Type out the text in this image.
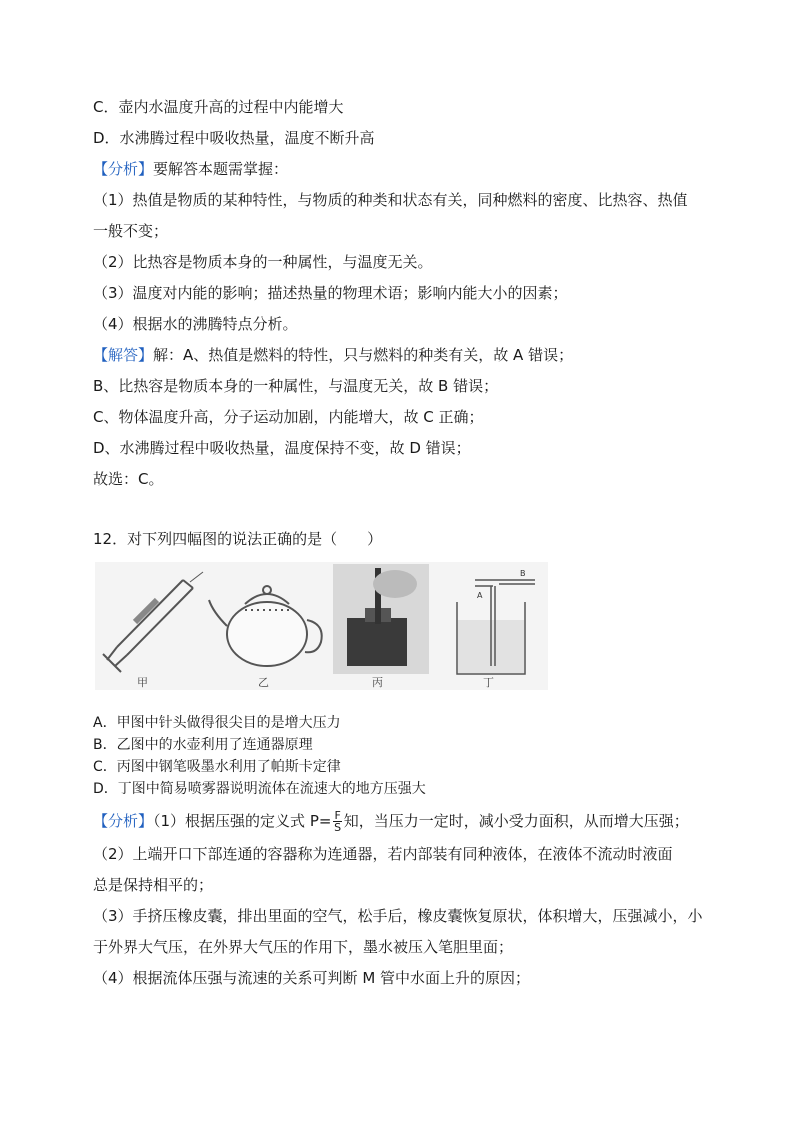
C．壶内水温度升高的过程中内能增大
D．水沸腾过程中吸收热量，温度不断升高
【分析】要解答本题需掌握：
（1）热值是物质的某种特性，与物质的种类和状态有关，同种燃料的密度、比热容、热值
一般不变；
（2）比热容是物质本身的一种属性，与温度无关。
（3）温度对内能的影响；描述热量的物理术语；影响内能大小的因素；
（4）根据水的沸腾特点分析。
【解答】解：A、热值是燃料的特性，只与燃料的种类有关，故 A 错误；
B、比热容是物质本身的一种属性，与温度无关，故 B 错误；
C、物体温度升高，分子运动加剧，内能增大，故 C 正确；
D、水沸腾过程中吸收热量，温度保持不变，故 D 错误；
故选：C。
12．对下列四幅图的说法正确的是（　　）
B
A
甲	乙	丙	丁
A．甲图中针头做得很尖目的是增大压力
B．乙图中的水壶利用了连通器原理
C．丙图中钢笔吸墨水利用了帕斯卡定律
D．丁图中简易喷雾器说明流体在流速大的地方压强大
【分析】（1）根据压强的定义式 $P= \frac{F}{S}$ 知，当压力一定时，减小受力面积，从而增大压强；
（2）上端开口下部连通的容器称为连通器，若内部装有同种液体，在液体不流动时液面
总是保持相平的；
（3）手挤压橡皮囊，排出里面的空气，松手后，橡皮囊恢复原状，体积增大，压强减小，小
于外界大气压，在外界大气压的作用下，墨水被压入笔胆里面；
（4）根据流体压强与流速的关系可判断 M 管中水面上升的原因；
